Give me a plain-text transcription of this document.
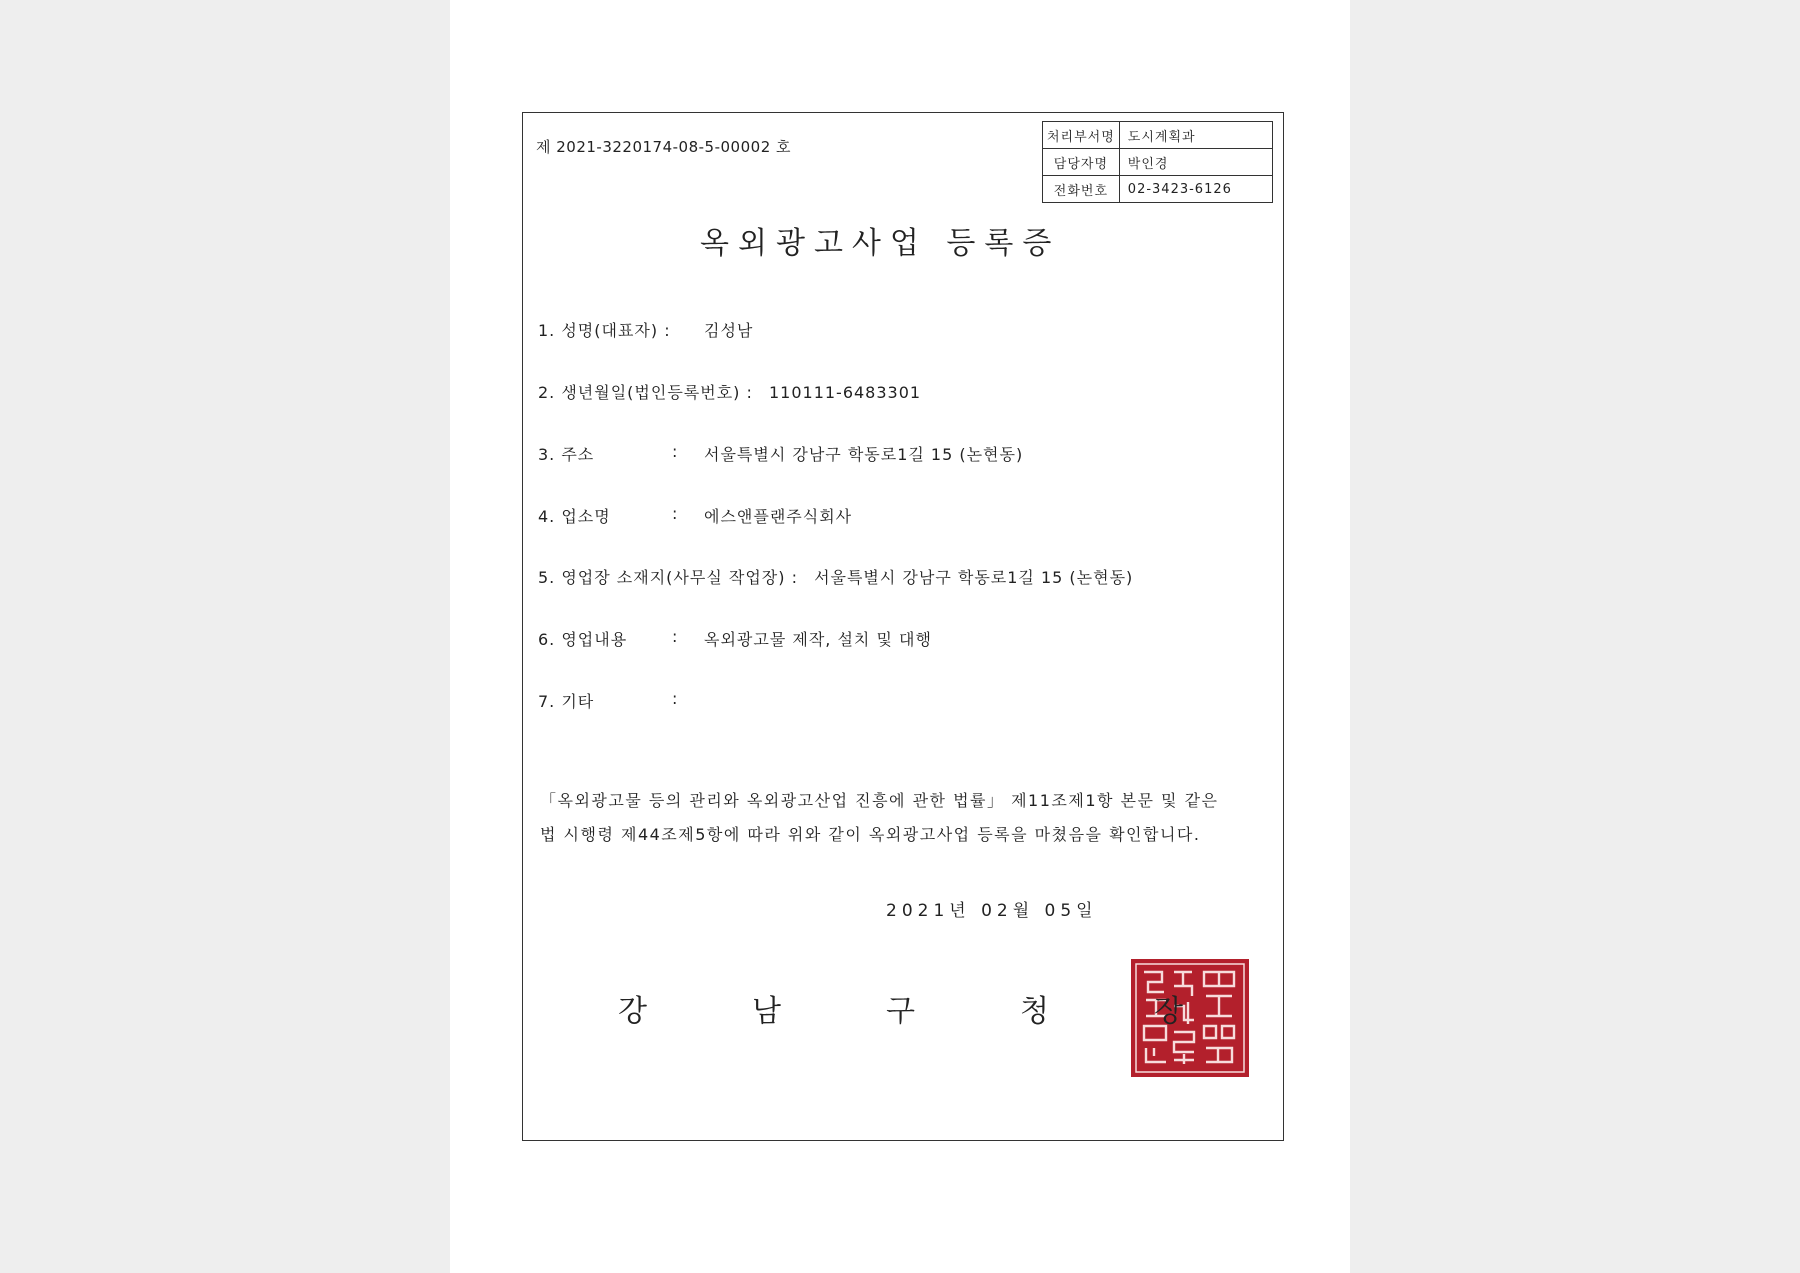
제 2021-3220174-08-5-00002 호
처리부서명	도시계획과
담당자명	박인경
전화번호	02-3423-6126
옥외광고사업 등록증
1. 성명(대표자) : 김성남
2. 생년월일(법인등록번호) : 110111-6483301
3. 주소	: 서울특별시 강남구 학동로1길 15 (논현동)
4. 업소명	: 에스앤플랜주식회사
5. 영업장 소재지(사무실 작업장) : 서울특별시 강남구 학동로1길 15 (논현동)
6. 영업내용	: 옥외광고물 제작, 설치 및 대행
7. 기타	:

「옥외광고물 등의 관리와 옥외광고산업 진흥에 관한 법률」 제11조제1항 본문 및 같은 법 시행령 제44조제5항에 따라 위와 같이 옥외광고사업 등록을 마쳤음을 확인합니다.

2021년 02월 05일
강	남	구	청	장
